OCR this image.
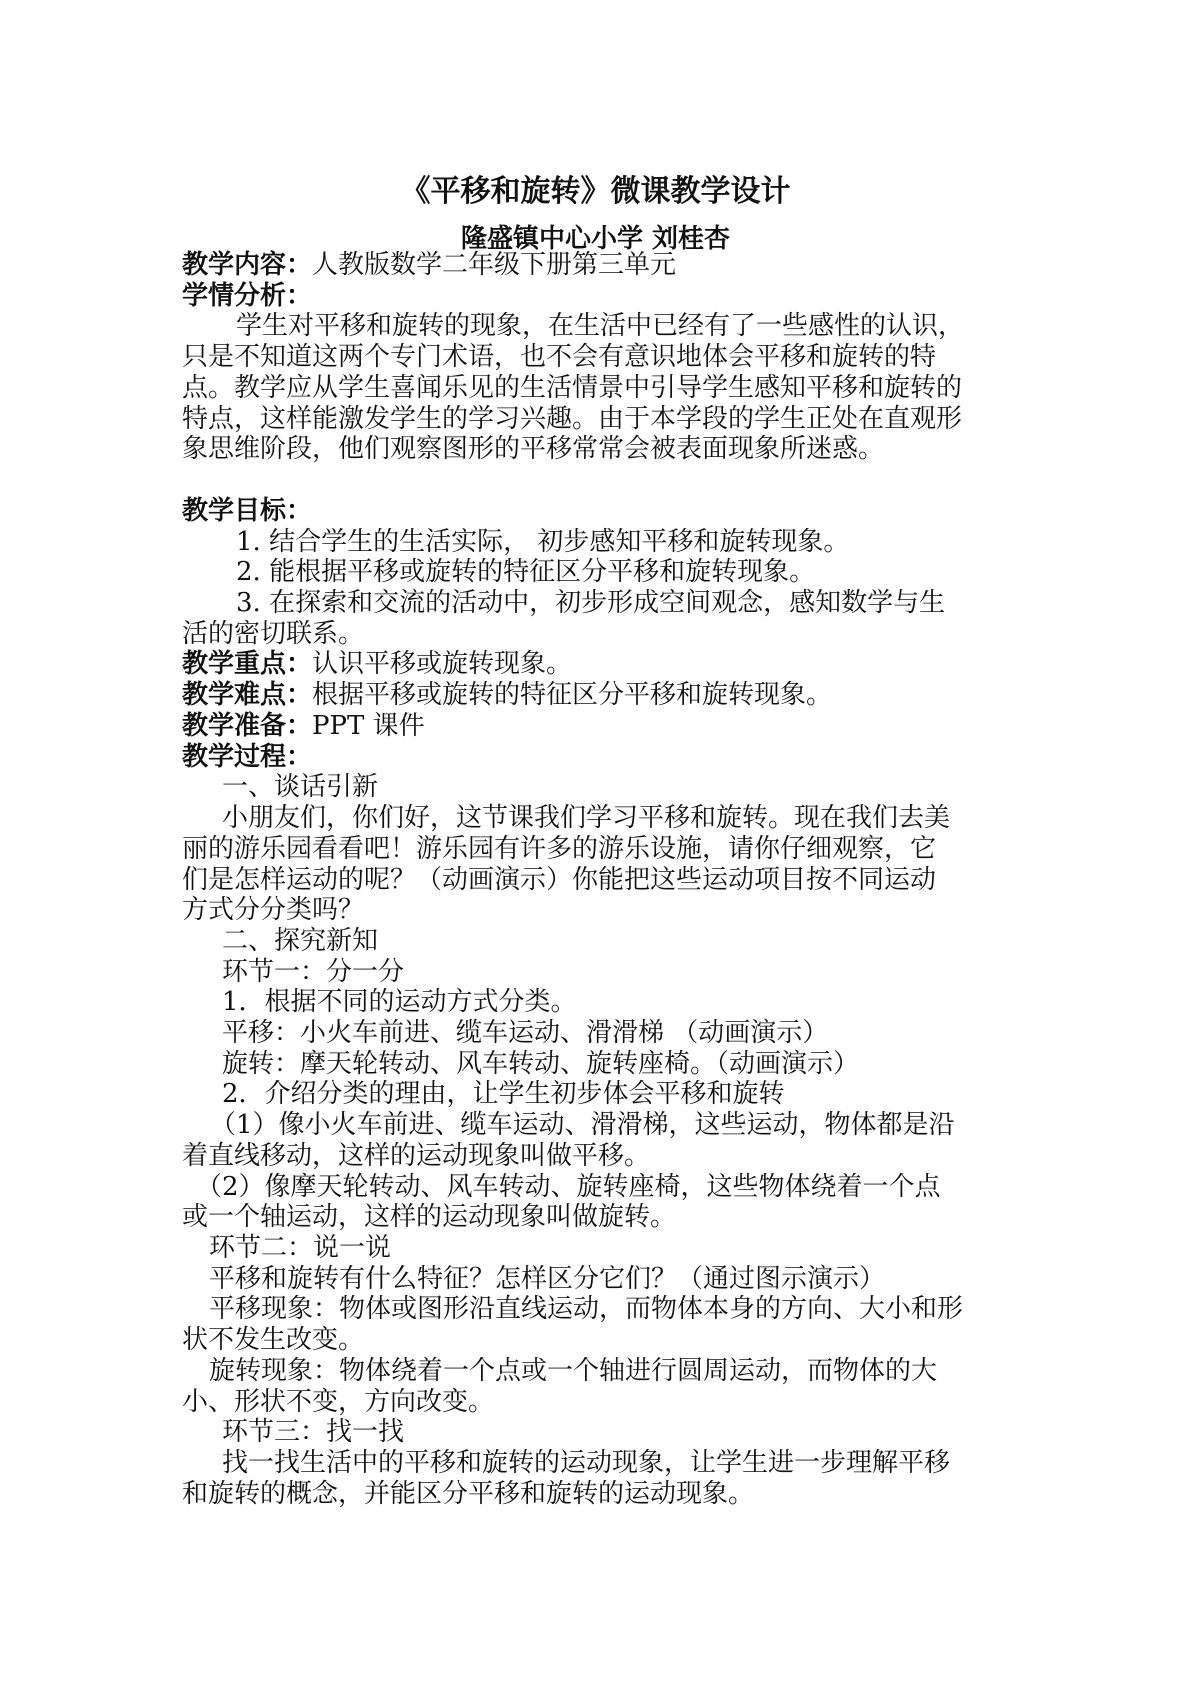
《平移和旋转》微课教学设计
隆盛镇中心小学 刘桂杏
教学内容：人教版数学二年级下册第三单元
学情分析：
学生对平移和旋转的现象，在生活中已经有了一些感性的认识，
只是不知道这两个专门术语，也不会有意识地体会平移和旋转的特
点。教学应从学生喜闻乐见的生活情景中引导学生感知平移和旋转的
特点，这样能激发学生的学习兴趣。由于本学段的学生正处在直观形
象思维阶段，他们观察图形的平移常常会被表面现象所迷惑。
教学目标：
1. 结合学生的生活实际， 初步感知平移和旋转现象。
2. 能根据平移或旋转的特征区分平移和旋转现象。
3. 在探索和交流的活动中，初步形成空间观念，感知数学与生
活的密切联系。
教学重点：认识平移或旋转现象。
教学难点：根据平移或旋转的特征区分平移和旋转现象。
教学准备：PPT 课件
教学过程：
一、谈话引新
小朋友们，你们好，这节课我们学习平移和旋转。现在我们去美
丽的游乐园看看吧！游乐园有许多的游乐设施，请你仔细观察，它
们是怎样运动的呢？（动画演示）你能把这些运动项目按不同运动
方式分分类吗？
二、探究新知
环节一：分一分
1．根据不同的运动方式分类。
平移：小火车前进、缆车运动、滑滑梯 （动画演示）
旋转：摩天轮转动、风车转动、旋转座椅。（动画演示）
2．介绍分类的理由，让学生初步体会平移和旋转
（1）像小火车前进、缆车运动、滑滑梯，这些运动，物体都是沿
着直线移动，这样的运动现象叫做平移。
（2）像摩天轮转动、风车转动、旋转座椅，这些物体绕着一个点
或一个轴运动，这样的运动现象叫做旋转。
环节二：说一说
平移和旋转有什么特征？怎样区分它们？（通过图示演示）
平移现象：物体或图形沿直线运动，而物体本身的方向、大小和形
状不发生改变。
旋转现象：物体绕着一个点或一个轴进行圆周运动，而物体的大
小、形状不变，方向改变。
环节三：找一找
找一找生活中的平移和旋转的运动现象，让学生进一步理解平移
和旋转的概念，并能区分平移和旋转的运动现象。
